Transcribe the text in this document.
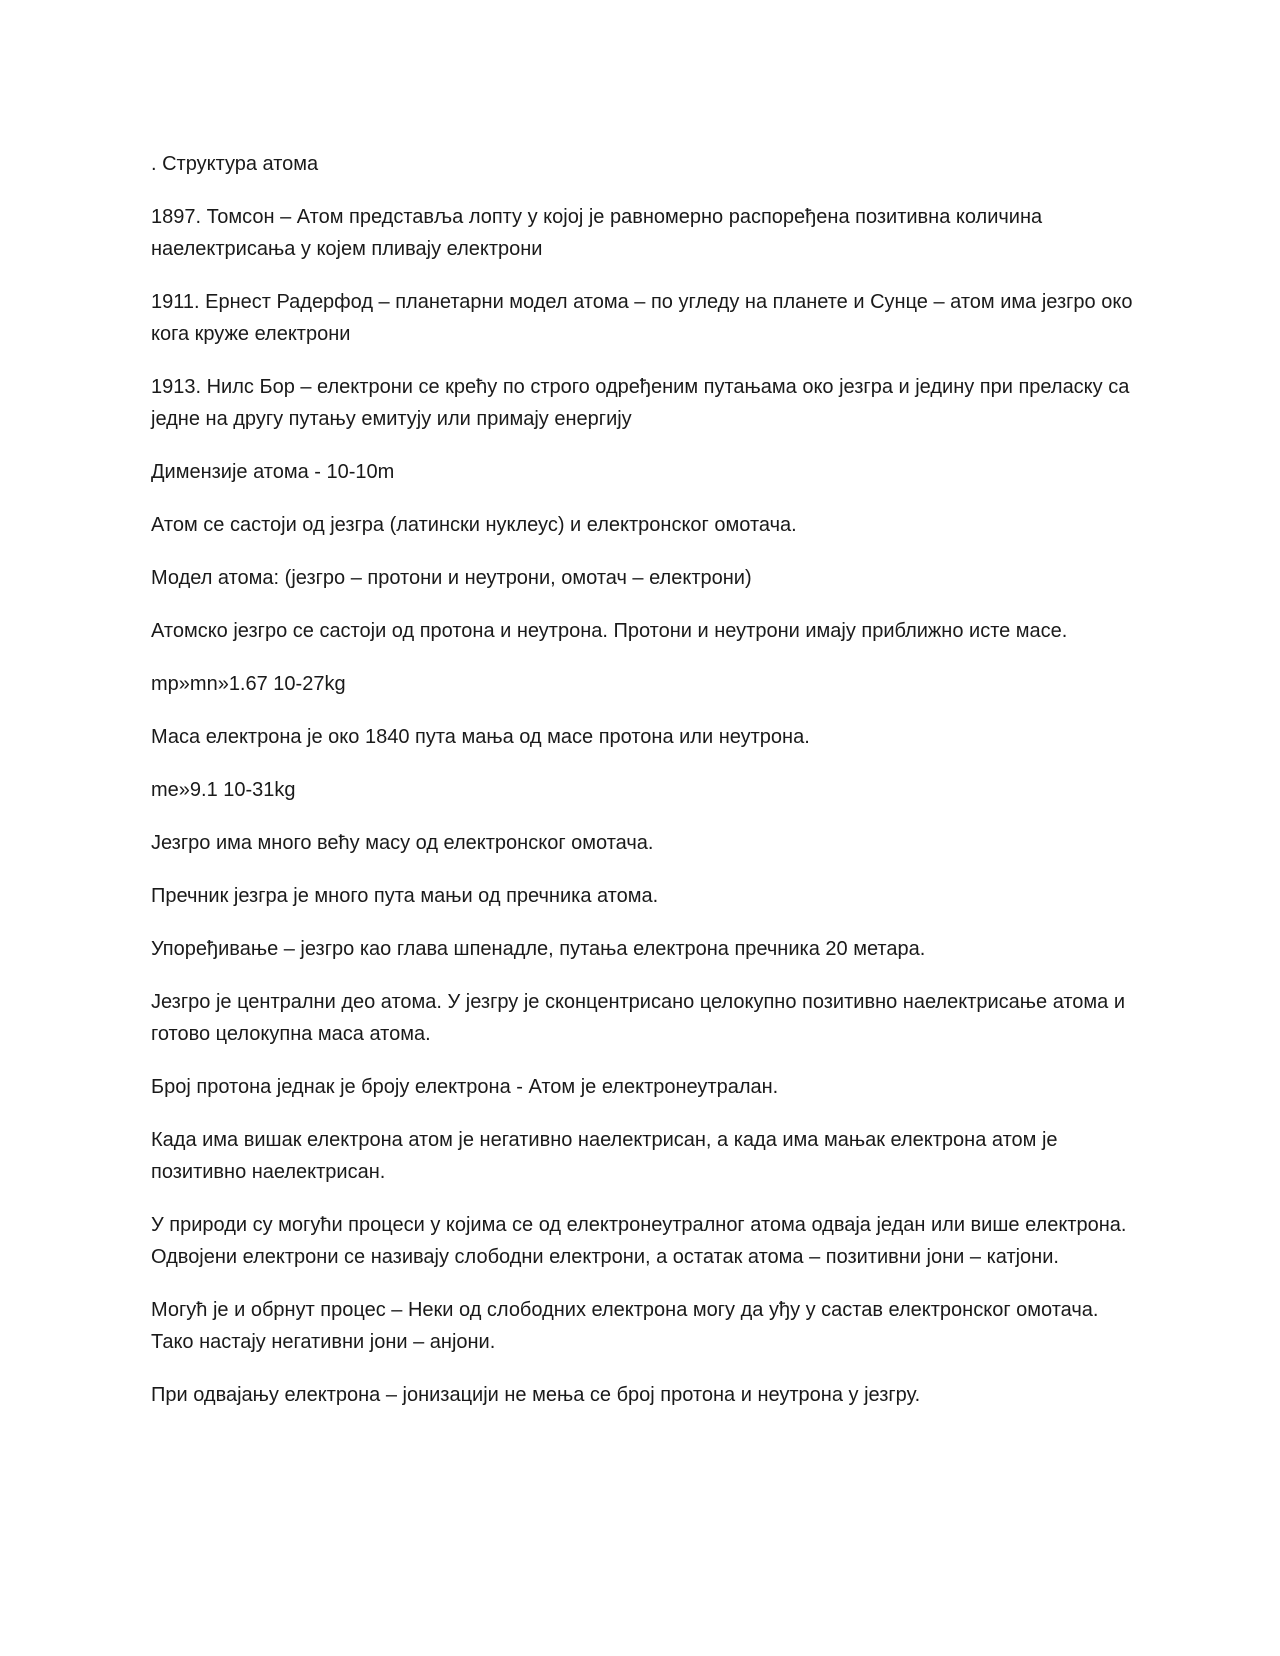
. Структура атома

1897. Томсон – Атом представља лопту у којој је равномерно распоређена позитивна количина наелектрисања у којем пливају електрони

1911. Ернест Радерфод – планетарни модел атома – по угледу на планете и Сунце – атом има језгро око кога круже електрони

1913. Нилс Бор – електрони се крећу по строго одређеним путањама око језгра и једину при преласку са једне на другу путању емитују или примају енергију

Димензије атома - 10-10m

Атом се састоји од језгра (латински нуклеус) и електронског омотача.

Модел атома: (језгро – протони и неутрони, омотач – електрони)

Атомско језгро се састоји од протона и неутрона. Протони и неутрони имају приближно исте масе.

mp»mn»1.67 10-27kg

Маса електрона је око 1840 пута мања од масе протона или неутрона.

me»9.1 10-31kg

Језгро има много већу масу од електронског омотача.

Пречник језгра је много пута мањи од пречника атома.

Упоређивање – језгро као глава шпенадле, путања електрона пречника 20 метара.

Језгро је централни део атома. У језгру је сконцентрисано целокупно позитивно наелектрисање атома и готово целокупна маса атома.

Број протона једнак је броју електрона - Атом је електронеутралан.

Када има вишак електрона атом је негативно наелектрисан, а када има мањак електрона атом је позитивно наелектрисан.

У природи су могући процеси у којима се од електронеутралног атома одваја један или више електрона. Одвојени електрони се називају слободни електрони, а остатак атома – позитивни јони – катјони.

Могућ је и обрнут процес – Неки од слободних електрона могу да уђу у састав електронског омотача. Тако настају негативни јони – анјони.

При одвајању електрона – јонизацији не мења се број протона и неутрона у језгру.
